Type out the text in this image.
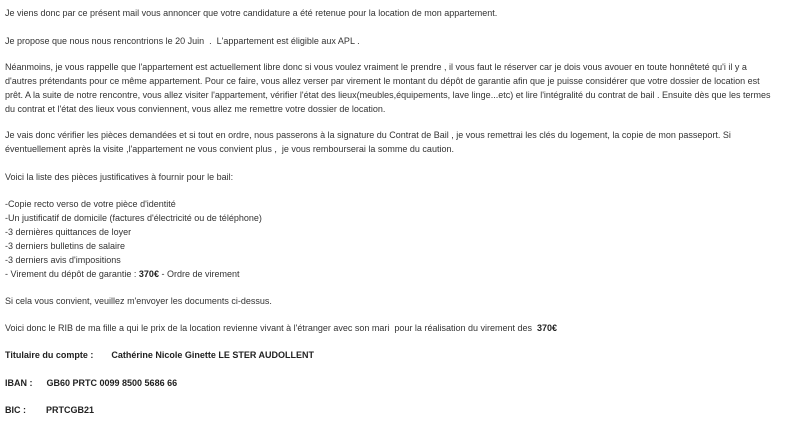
Je viens donc par ce présent mail vous annoncer que votre candidature a été retenue pour la location de mon appartement.
Je propose que nous nous rencontrions le 20 Juin  .  L'appartement est éligible aux APL .
Néanmoins, je vous rappelle que l'appartement est actuellement libre donc si vous voulez vraiment le prendre , il vous faut le réserver car je dois vous avouer en toute honnêteté qu'i il y a
d'autres prétendants pour ce même appartement. Pour ce faire, vous allez verser par virement le montant du dépôt de garantie afin que je puisse considérer que votre dossier de location est
prêt. A la suite de notre rencontre, vous allez visiter l'appartement, vérifier l'état des lieux(meubles,équipements, lave linge...etc) et lire l'intégralité du contrat de bail . Ensuite dès que les termes
du contrat et l'état des lieux vous conviennent, vous allez me remettre votre dossier de location.
Je vais donc vérifier les pièces demandées et si tout en ordre, nous passerons à la signature du Contrat de Bail , je vous remettrai les clés du logement, la copie de mon passeport. Si
éventuellement après la visite ,l'appartement ne vous convient plus ,  je vous rembourserai la somme du caution.
Voici la liste des pièces justificatives à fournir pour le bail:
-Copie recto verso de votre pièce d'identité
-Un justificatif de domicile (factures d'électricité ou de téléphone)
-3 dernières quittances de loyer
-3 derniers bulletins de salaire
-3 derniers avis d'impositions
- Virement du dépôt de garantie : 370€ - Ordre de virement
Si cela vous convient, veuillez m'envoyer les documents ci-dessus.
Voici donc le RIB de ma fille a qui le prix de la location revienne vivant à l'étranger avec son mari  pour la réalisation du virement des  370€
Titulaire du compte : Cathérine Nicole Ginette LE STER AUDOLLENT
IBAN : GB60 PRTC 0099 8500 5686 66
BIC : PRTCGB21
